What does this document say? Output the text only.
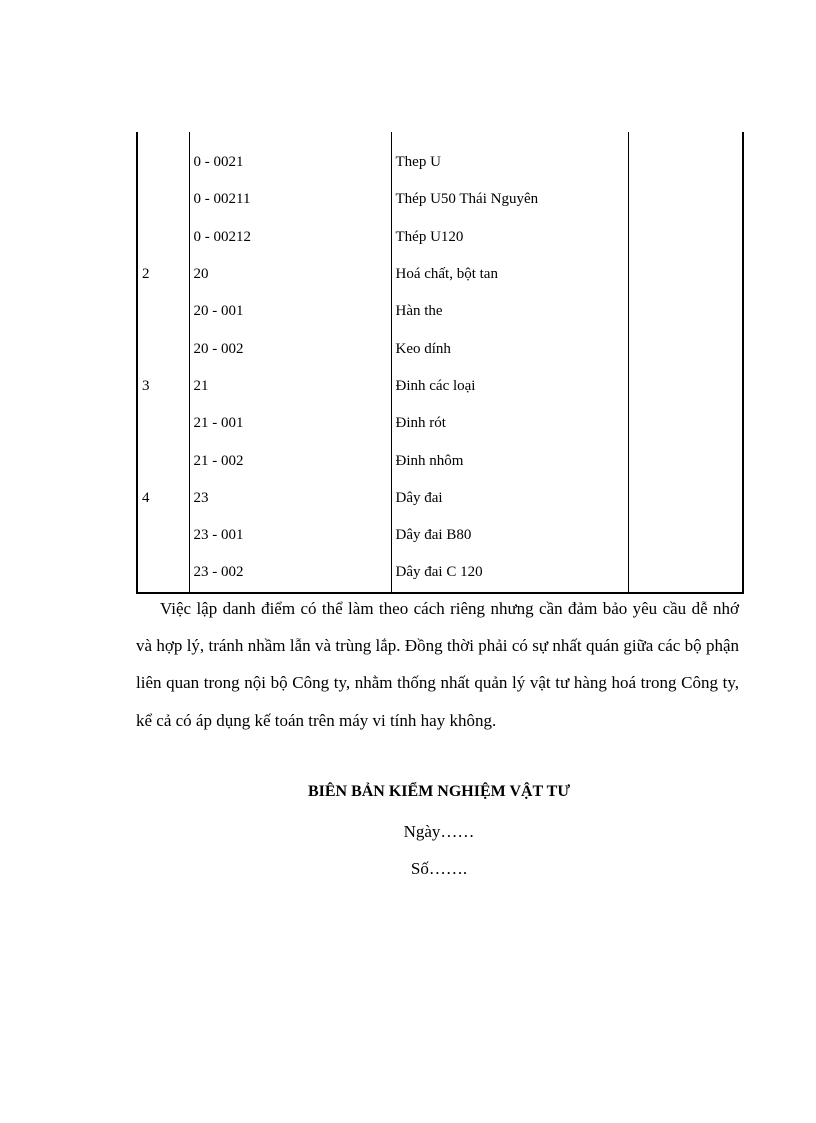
	0 - 0021	Thep U	
	0 - 00211	Thép U50 Thái Nguyên	
	0 - 00212	Thép U120	
2	20	Hoá chất, bột tan	
	20 - 001	Hàn the	
	20 - 002	Keo dính	
3	21	Đinh các loại	
	21 - 001	Đinh rót	
	21 - 002	Đinh nhôm	
4	23	Dây đai	
	23 - 001	Dây đai B80	
	23 - 002	Dây đai C 120	

Việc lập danh điểm có thể làm theo cách riêng nhưng cần đảm bảo yêu cầu dễ nhớ và hợp lý, tránh nhầm lẫn và trùng lắp. Đồng thời phải có sự nhất quán giữa các bộ phận liên quan trong nội bộ Công ty, nhằm thống nhất quản lý vật tư hàng hoá trong Công ty, kể cả có áp dụng kế toán trên máy vi tính hay không.

BIÊN BẢN KIỂM NGHIỆM VẬT TƯ
Ngày……
Số…….
